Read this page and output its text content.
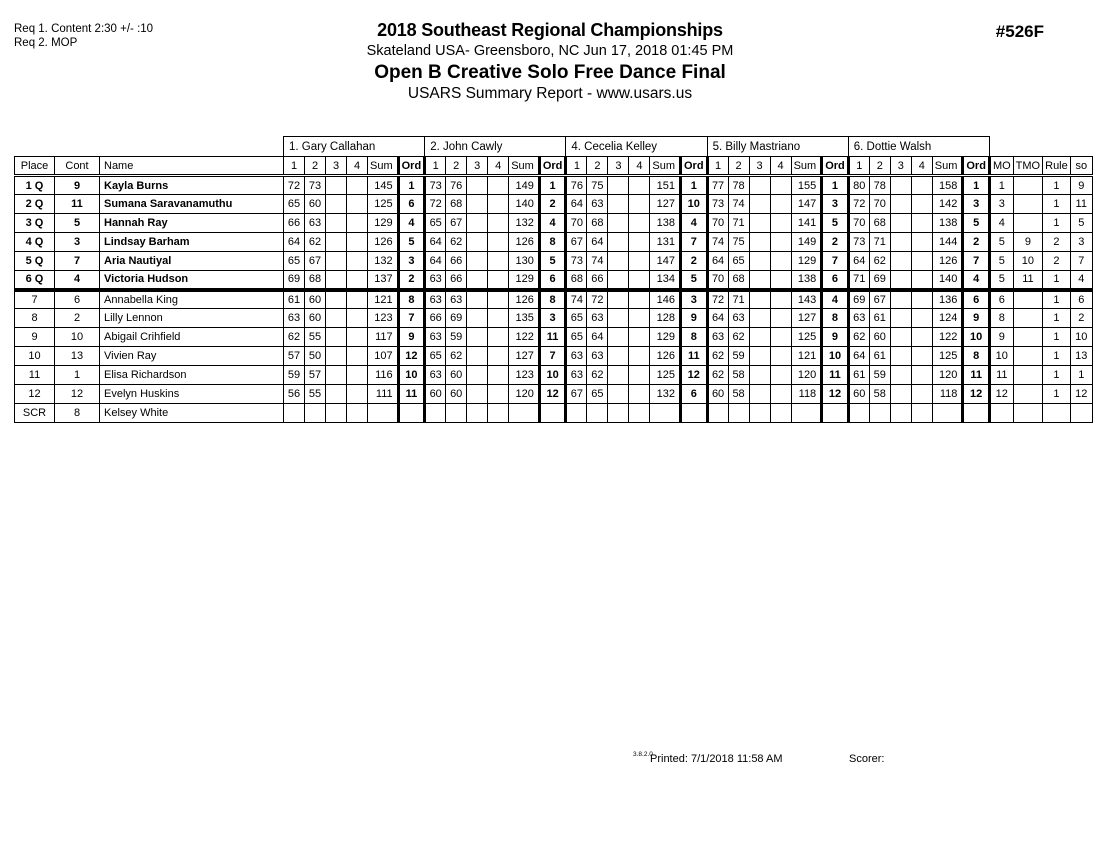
Req 1. Content 2:30 +/- :10
Req 2. MOP
#526F
2018 Southeast Regional Championships
Skateland USA- Greensboro, NC Jun 17, 2018 01:45 PM
Open B Creative Solo Free Dance Final
USARS Summary Report - www.usars.us
			1. Gary Callahan						2. John Cawly						4. Cecelia Kelley						5. Billy Mastriano						6. Dottie Walsh									
Place	Cont	Name	1	2	3	4	Sum	Ord	1	2	3	4	Sum	Ord	1	2	3	4	Sum	Ord	1	2	3	4	Sum	Ord	1	2	3	4	Sum	Ord	MO	TMO	Rule	so
1 Q	9	Kayla Burns	72	73			145	1	73	76			149	1	76	75			151	1	77	78			155	1	80	78			158	1	1		1	9
2 Q	11	Sumana Saravanamuthu	65	60			125	6	72	68			140	2	64	63			127	10	73	74			147	3	72	70			142	3	3		1	11
3 Q	5	Hannah Ray	66	63			129	4	65	67			132	4	70	68			138	4	70	71			141	5	70	68			138	5	4		1	5
4 Q	3	Lindsay Barham	64	62			126	5	64	62			126	8	67	64			131	7	74	75			149	2	73	71			144	2	5	9	2	3
5 Q	7	Aria Nautiyal	65	67			132	3	64	66			130	5	73	74			147	2	64	65			129	7	64	62			126	7	5	10	2	7
6 Q	4	Victoria Hudson	69	68			137	2	63	66			129	6	68	66			134	5	70	68			138	6	71	69			140	4	5	11	1	4
7	6	Annabella King	61	60			121	8	63	63			126	8	74	72			146	3	72	71			143	4	69	67			136	6	6		1	6
8	2	Lilly Lennon	63	60			123	7	66	69			135	3	65	63			128	9	64	63			127	8	63	61			124	9	8		1	2
9	10	Abigail Crihfield	62	55			117	9	63	59			122	11	65	64			129	8	63	62			125	9	62	60			122	10	9		1	10
10	13	Vivien Ray	57	50			107	12	65	62			127	7	63	63			126	11	62	59			121	10	64	61			125	8	10		1	13
11	1	Elisa Richardson	59	57			116	10	63	60			123	10	63	62			125	12	62	58			120	11	61	59			120	11	11		1	1
12	12	Evelyn Huskins	56	55			111	11	60	60			120	12	67	65			132	6	60	58			118	12	60	58			118	12	12		1	12
SCR	8	Kelsey White																																		
3.8.2.0
Printed: 7/1/2018 11:58 AM	Scorer:
